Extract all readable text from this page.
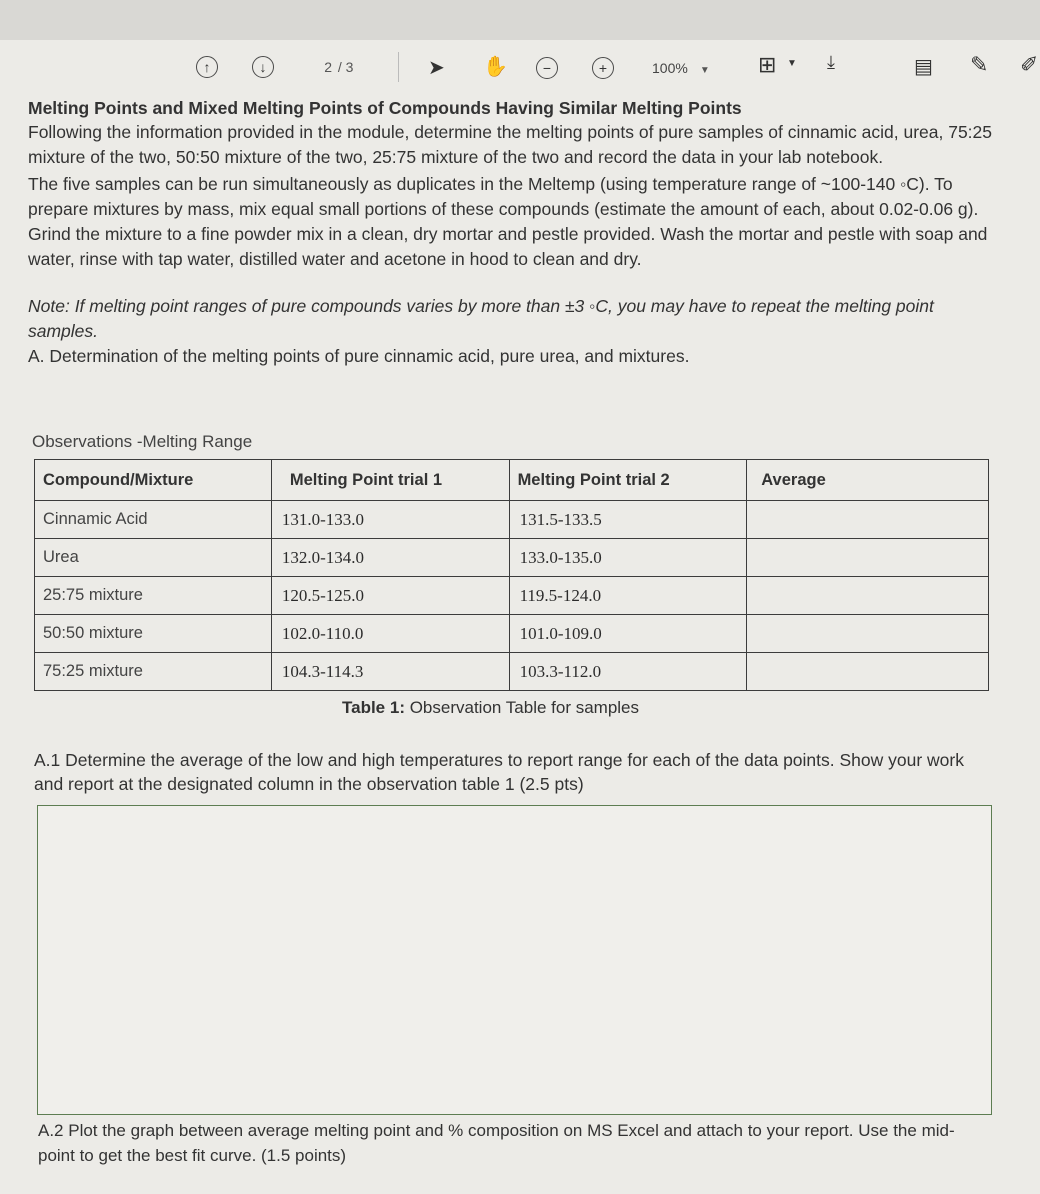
↑	↓
2	/ 3	➤ ✋	−	+	100% ▼ ⊞ ▼ ⤓	▤ ✎ ✐
Melting Points and Mixed Melting Points of Compounds Having Similar Melting Points

Following the information provided in the module, determine the melting points of pure samples of cinnamic acid, urea, 75:25 mixture of the two, 50:50 mixture of the two, 25:75 mixture of the two and record the data in your lab notebook.

The five samples can be run simultaneously as duplicates in the Meltemp (using temperature range of ~100-140 ◦C). To prepare mixtures by mass, mix equal small portions of these compounds (estimate the amount of each, about 0.02-0.06 g). Grind the mixture to a fine powder mix in a clean, dry mortar and pestle provided. Wash the mortar and pestle with soap and water, rinse with tap water, distilled water and acetone in hood to clean and dry.

Note: If melting point ranges of pure compounds varies by more than ±3 ◦C, you may have to repeat the melting point samples.

A. Determination of the melting points of pure cinnamic acid, pure urea, and mixtures.

Observations -Melting Range
Compound/Mixture	Melting Point trial 1	Melting Point trial 2	Average
Cinnamic Acid	131.0-133.0	131.5-133.5	
Urea	132.0-134.0	133.0-135.0	
25:75 mixture	120.5-125.0	119.5-124.0	
50:50 mixture	102.0-110.0	101.0-109.0	
75:25 mixture	104.3-114.3	103.3-112.0	
Table 1: Observation Table for samples
A.1 Determine the average of the low and high temperatures to report range for each of the data points. Show your work and report at the designated column in the observation table 1 (2.5 pts)
A.2 Plot the graph between average melting point and % composition on MS Excel and attach to your report. Use the mid-point to get the best fit curve. (1.5 points)
